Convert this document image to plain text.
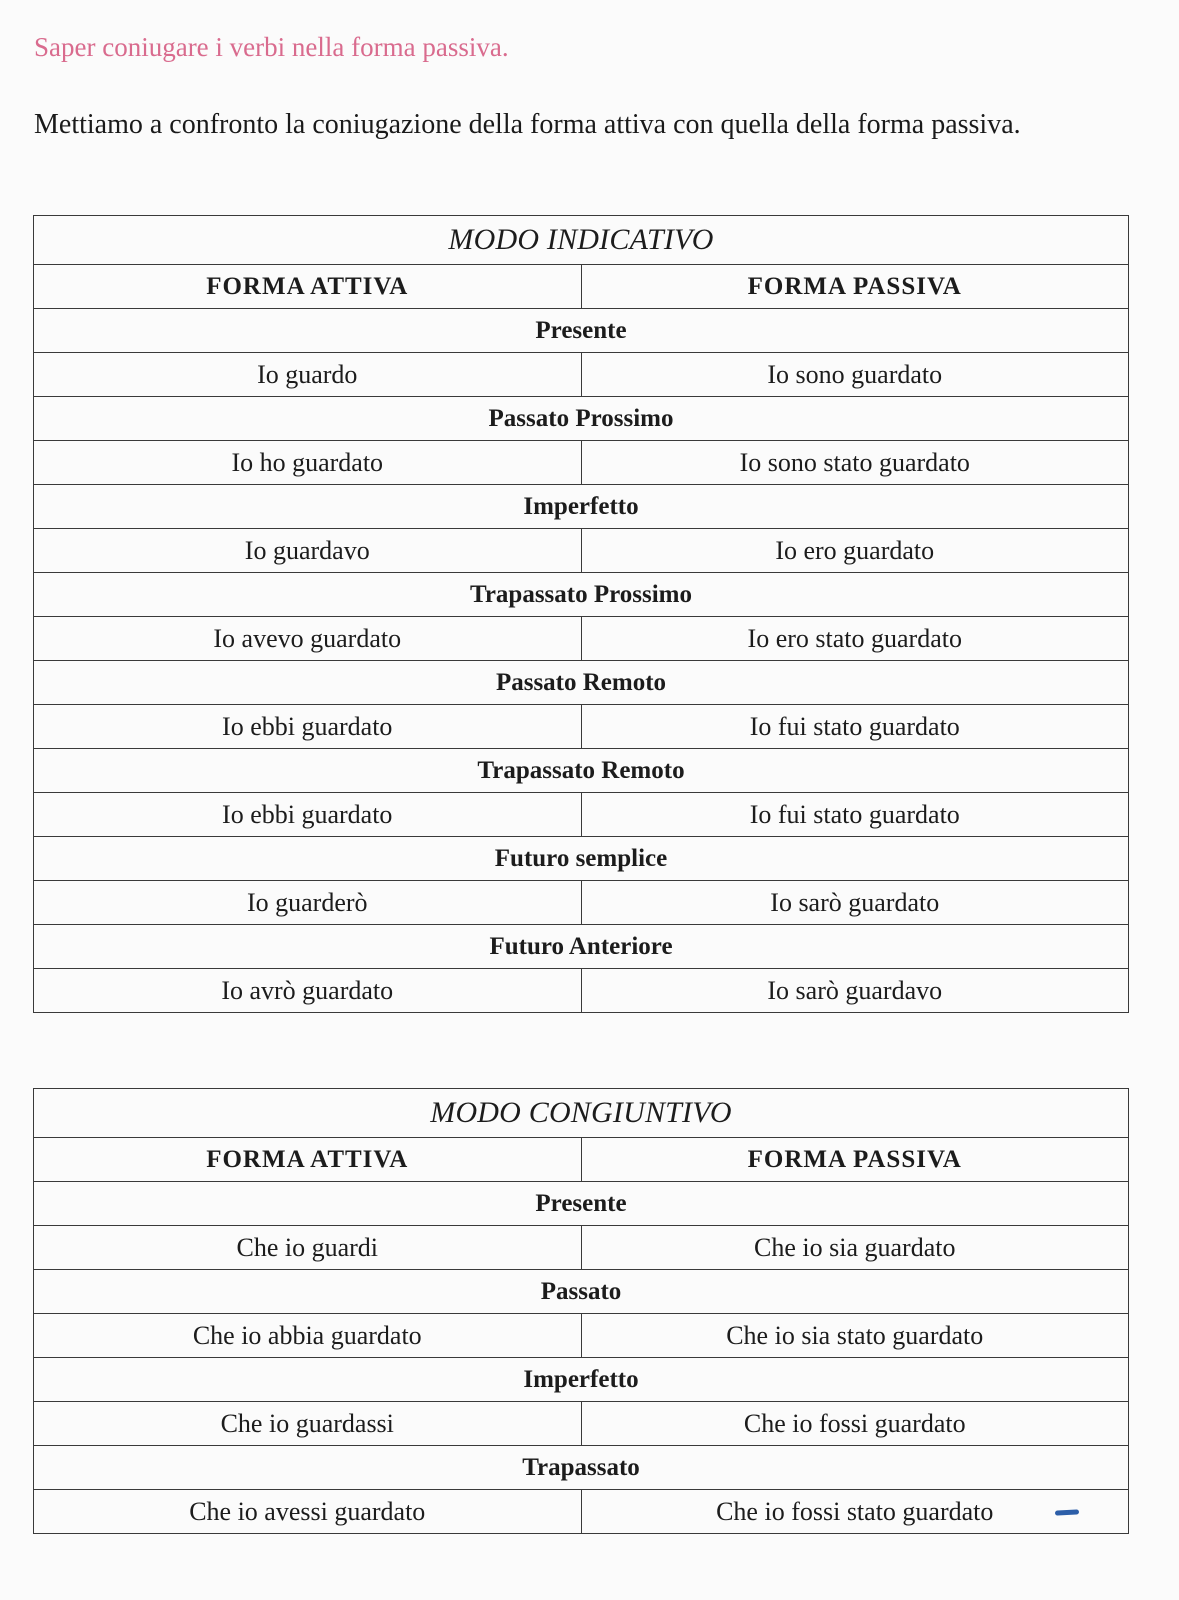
Saper coniugare i verbi nella forma passiva.

Mettiamo a confronto la coniugazione della forma attiva con quella della forma passiva.

MODO INDICATIVO	
FORMA ATTIVA	FORMA PASSIVA
Presente	
Io guardo	Io sono guardato
Passato Prossimo	
Io ho guardato	Io sono stato guardato
Imperfetto	
Io guardavo	Io ero guardato
Trapassato Prossimo	
Io avevo guardato	Io ero stato guardato
Passato Remoto	
Io ebbi guardato	Io fui stato guardato
Trapassato Remoto	
Io ebbi guardato	Io fui stato guardato
Futuro semplice	
Io guarderò	Io sarò guardato
Futuro Anteriore	
Io avrò guardato	Io sarò guardavo
MODO CONGIUNTIVO	
FORMA ATTIVA	FORMA PASSIVA
Presente	
Che io guardi	Che io sia guardato
Passato	
Che io abbia guardato	Che io sia stato guardato
Imperfetto	
Che io guardassi	Che io fossi guardato
Trapassato	
Che io avessi guardato	Che io fossi stato guardato
